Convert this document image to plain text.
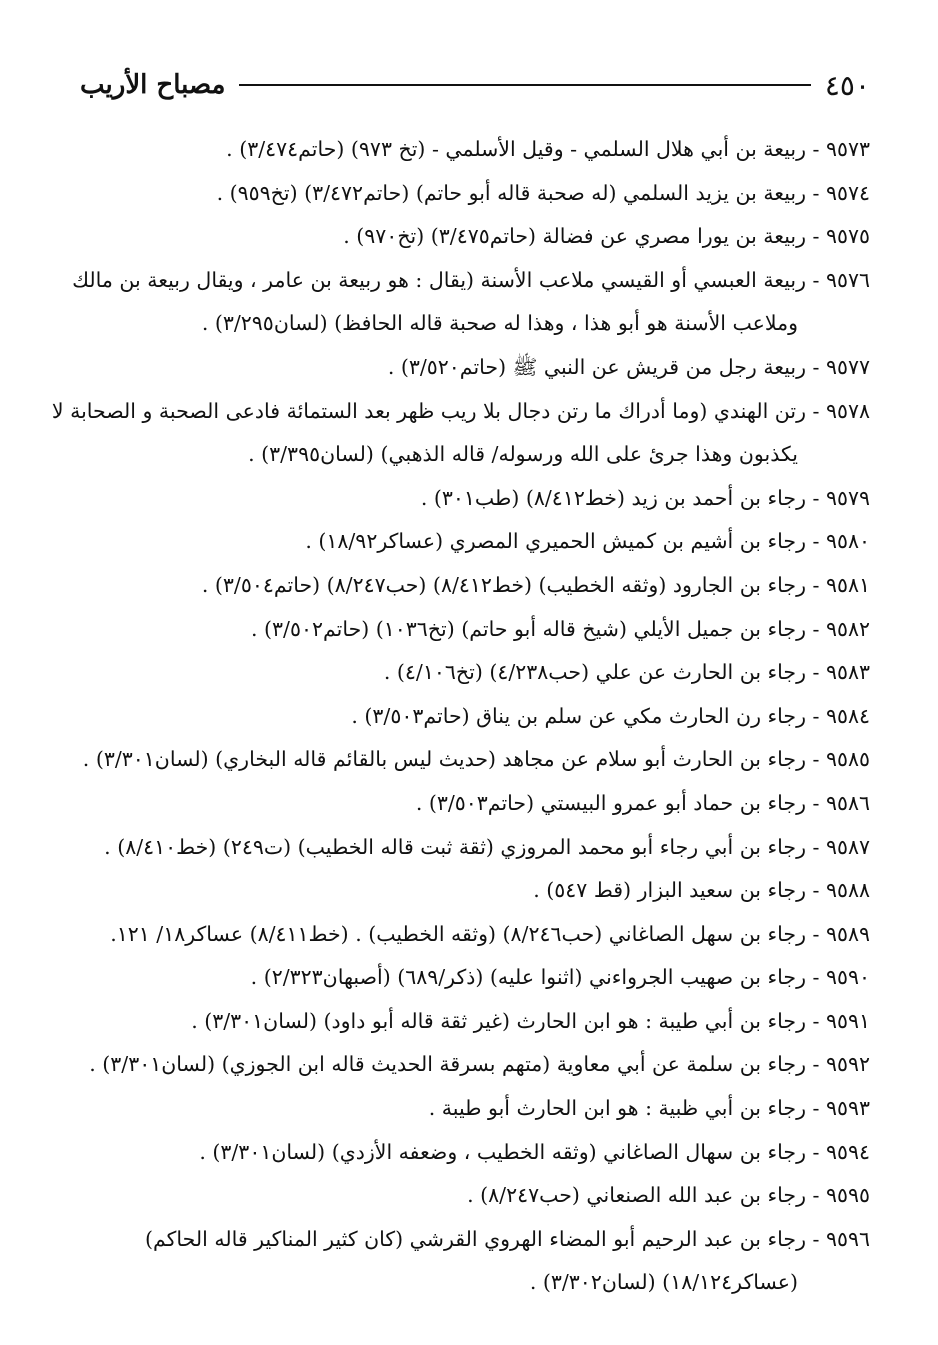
٤٥٠
مصباح الأريب
٩٥٧٣ - ربيعة بن أبي هلال السلمي - وقيل الأسلمي - (تخ ٩٧٣) (حاتم٣/٤٧٤) .
٩٥٧٤ - ربيعة بن يزيد السلمي (له صحبة قاله أبو حاتم) (حاتم٣/٤٧٢) (تخ٩٥٩) .
٩٥٧٥ - ربيعة بن يورا مصري عن فضالة (حاتم٣/٤٧٥) (تخ٩٧٠) .
٩٥٧٦ - ربيعة العبسي أو القيسي ملاعب الأسنة (يقال : هو ربيعة بن عامر ، ويقال ربيعة بن مالك
وملاعب الأسنة هو أبو هذا ، وهذا له صحبة قاله الحافظ) (لسان٣/٢٩٥) .
٩٥٧٧ - ربيعة رجل من قريش عن النبي ﷺ (حاتم٣/٥٢٠) .
٩٥٧٨ - رتن الهندي (وما أدراك ما رتن دجال بلا ريب ظهر بعد الستمائة فادعى الصحبة و الصحابة لا
يكذبون وهذا جرئ على الله ورسوله/ قاله الذهبي) (لسان٣/٣٩٥) .
٩٥٧٩ - رجاء بن أحمد بن زيد (خط٨/٤١٢) (طب٣٠١) .
٩٥٨٠ - رجاء بن أشيم بن كميش الحميري المصري (عساكر١٨/٩٢) .
٩٥٨١ - رجاء بن الجارود (وثقه الخطيب) (خط٨/٤١٢) (حب٨/٢٤٧) (حاتم٣/٥٠٤) .
٩٥٨٢ - رجاء بن جميل الأيلي (شيخ قاله أبو حاتم) (تخ١٠٣٦) (حاتم٣/٥٠٢) .
٩٥٨٣ - رجاء بن الحارث عن علي (حب٤/٢٣٨) (تخ٤/١٠٦) .
٩٥٨٤ - رجاء رن الحارث مكي عن سلم بن يناق (حاتم٣/٥٠٣) .
٩٥٨٥ - رجاء بن الحارث أبو سلام عن مجاهد (حديث ليس بالقائم قاله البخاري) (لسان٣/٣٠١) .
٩٥٨٦ - رجاء بن حماد أبو عمرو البيستي (حاتم٣/٥٠٣) .
٩٥٨٧ - رجاء بن أبي رجاء أبو محمد المروزي (ثقة ثبت قاله الخطيب) (ت٢٤٩) (خط٨/٤١٠) .
٩٥٨٨ - رجاء بن سعيد البزار (قط ٥٤٧) .
٩٥٨٩ - رجاء بن سهل الصاغاني (حب٨/٢٤٦) (وثقه الخطيب) . (خط٨/٤١١) عساكر١٨/ ١٢١.
٩٥٩٠ - رجاء بن صهيب الجرواءني (اثنوا عليه) (ذكر/٦٨٩) (أصبهان٢/٣٢٣) .
٩٥٩١ - رجاء بن أبي طيبة : هو ابن الحارث (غير ثقة قاله أبو داود) (لسان٣/٣٠١) .
٩٥٩٢ - رجاء بن سلمة عن أبي معاوية (متهم بسرقة الحديث قاله ابن الجوزي) (لسان٣/٣٠١) .
٩٥٩٣ - رجاء بن أبي ظبية : هو ابن الحارث أبو طيبة .
٩٥٩٤ - رجاء بن سهال الصاغاني (وثقه الخطيب ، وضعفه الأزدي) (لسان٣/٣٠١) .
٩٥٩٥ - رجاء بن عبد الله الصنعاني (حب٨/٢٤٧) .
٩٥٩٦ - رجاء بن عبد الرحيم أبو المضاء الهروي القرشي (كان كثير المناكير قاله الحاكم)
(عساكر١٨/١٢٤) (لسان٣/٣٠٢) .
